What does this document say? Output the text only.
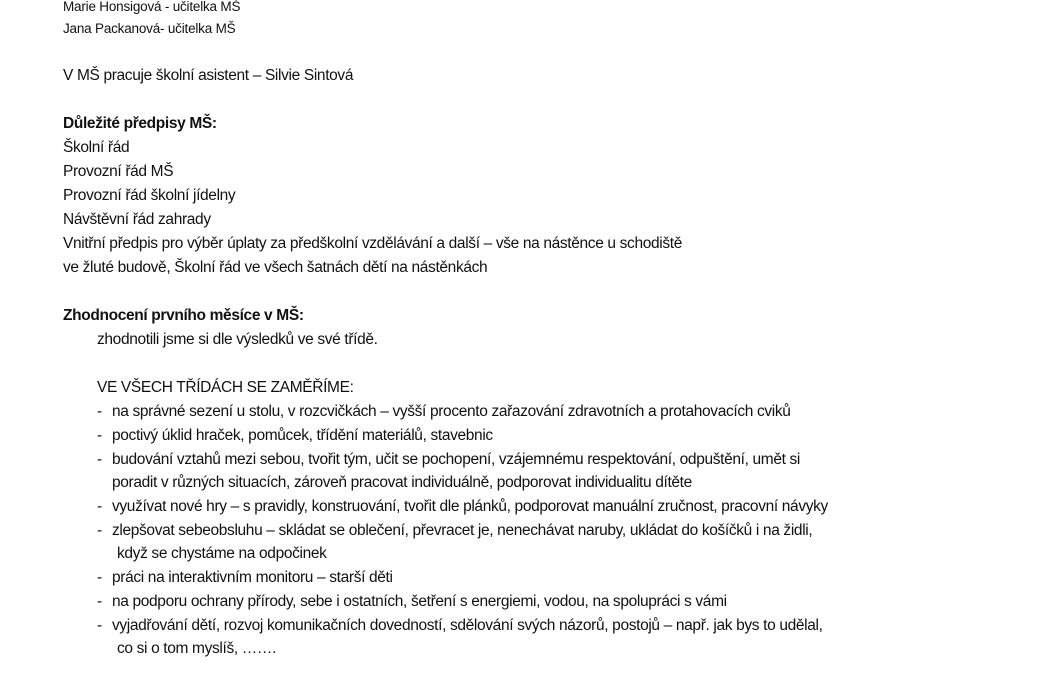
Marie Honsigová - učitelka MŠ
Jana Packanová- učitelka MŠ
V MŠ pracuje školní asistent – Silvie Sintová
Důležité předpisy MŠ:
Školní řád
Provozní řád MŠ
Provozní řád školní jídelny
Návštěvní řád zahrady
Vnitřní předpis pro výběr úplaty za předškolní vzdělávání a další – vše na nástěnce u schodiště
ve žluté budově, Školní řád ve všech šatnách dětí na nástěnkách
Zhodnocení prvního měsíce v MŠ:
zhodnotili jsme si dle výsledků ve své třídě.
VE VŠECH TŘÍDÁCH SE ZAMĚŘÍME:
- na správné sezení u stolu, v rozcvičkách – vyšší procento zařazování zdravotních a protahovacích cviků
- poctivý úklid hraček, pomůcek, třídění materiálů, stavebnic
- budování vztahů mezi sebou, tvořit tým, učit se pochopení, vzájemnému respektování, odpuštění, umět si
poradit v různých situacích, zároveň pracovat individuálně, podporovat individualitu dítěte
- využívat nové hry – s pravidly, konstruování, tvořit dle plánků, podporovat manuální zručnost, pracovní návyky
- zlepšovat sebeobsluhu – skládat se oblečení, převracet je, nenechávat naruby, ukládat do košíčků i na židli,
když se chystáme na odpočinek
- práci na interaktivním monitoru – starší děti
- na podporu ochrany přírody, sebe i ostatních, šetření s energiemi, vodou, na spolupráci s vámi
- vyjadřování dětí, rozvoj komunikačních dovedností, sdělování svých názorů, postojů – např. jak bys to udělal,
co si o tom myslíš, …….
